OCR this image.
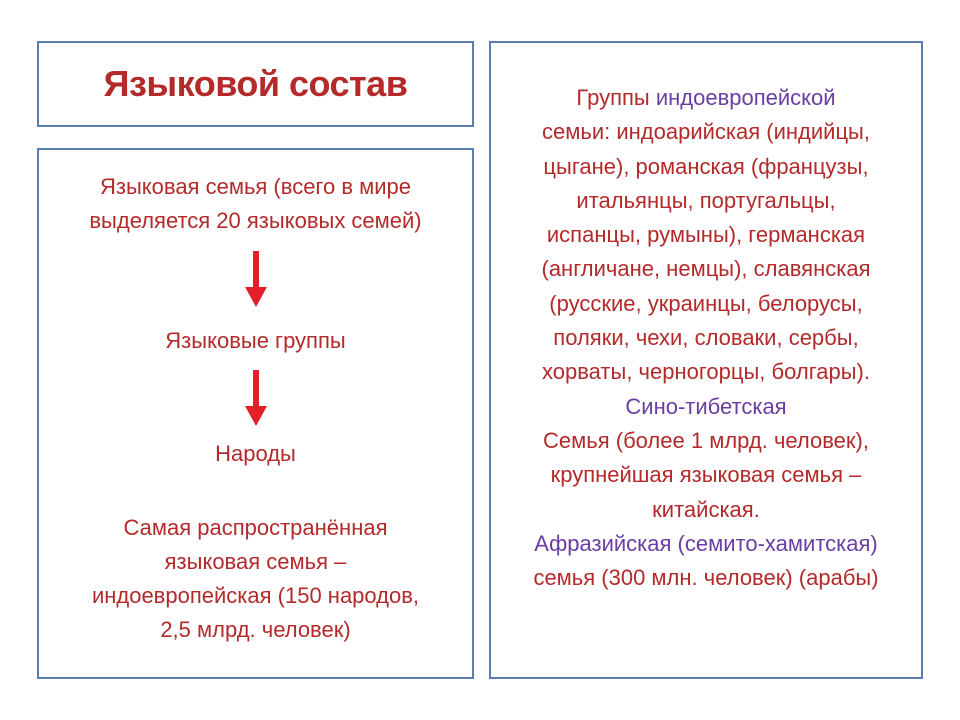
Языковой состав
Языковая семья (всего в мире
выделяется 20 языковых семей)
Языковые группы
Народы
Самая распространённая
языковая семья –
индоевропейская (150 народов,
2,5 млрд. человек)
Группы индоевропейской
семьи: индоарийская (индийцы,
цыгане), романская (французы,
итальянцы, португальцы,
испанцы, румыны), германская
(англичане, немцы), славянская
(русские, украинцы, белорусы,
поляки, чехи, словаки, сербы,
хорваты, черногорцы, болгары).
Сино-тибетская
Семья (более 1 млрд. человек),
крупнейшая языковая семья –
китайская.
Афразийская (семито-хамитская)
семья (300 млн. человек) (арабы)
